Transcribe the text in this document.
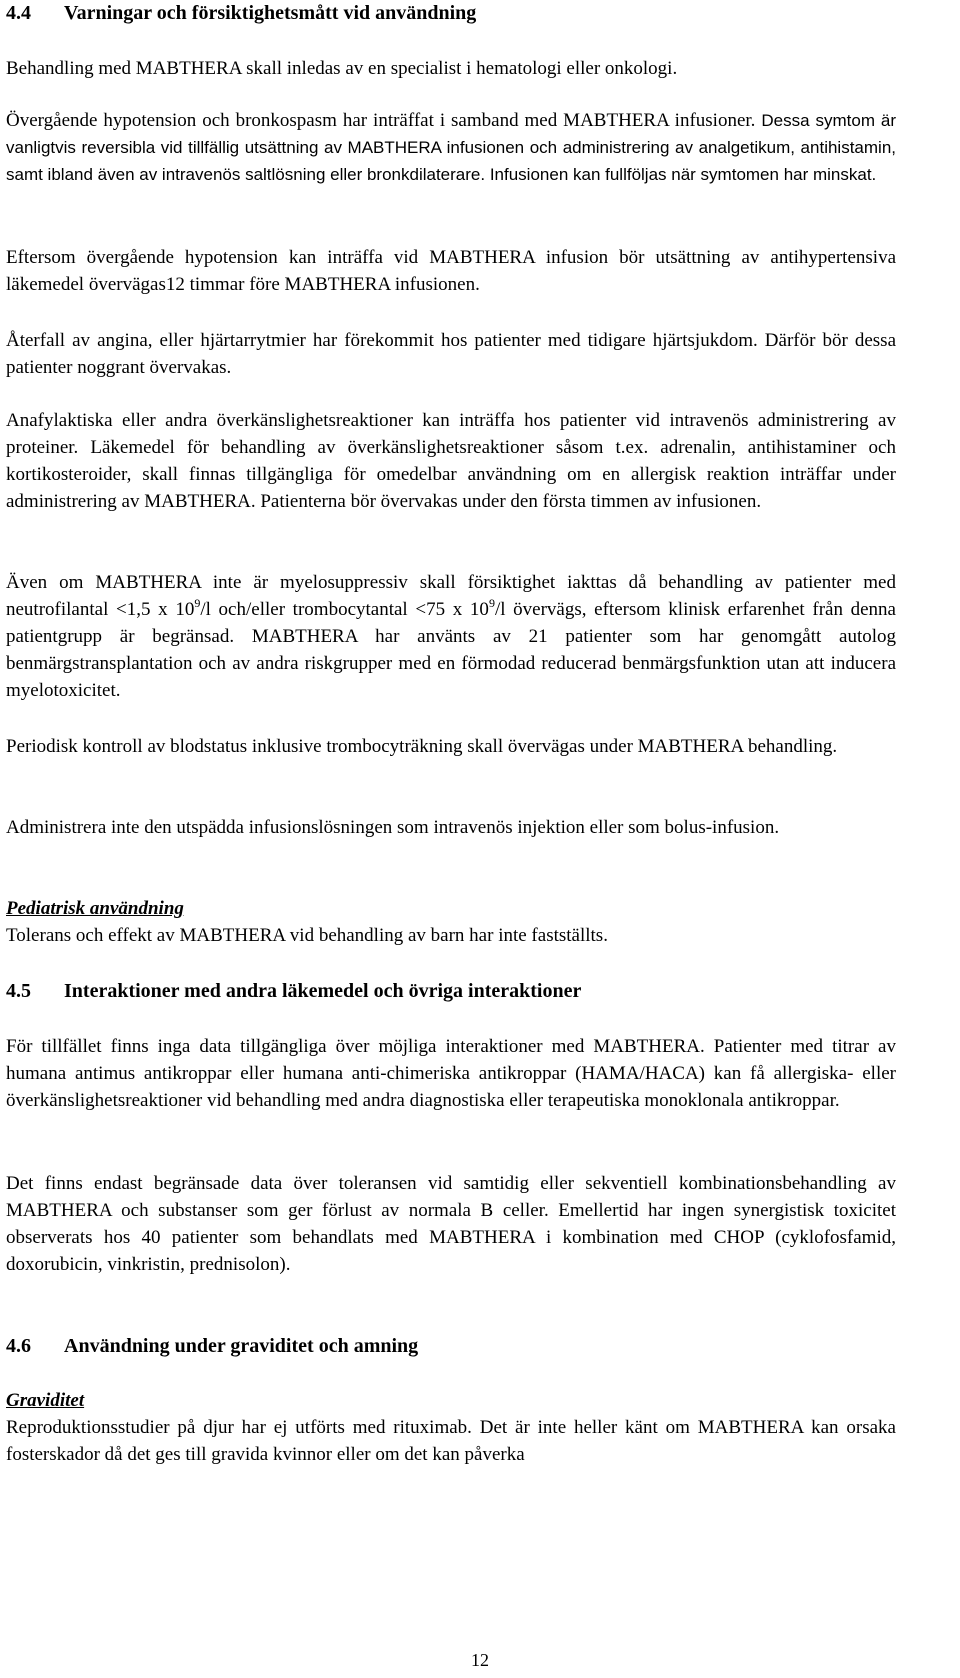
4.4	Varningar och försiktighetsmått vid användning

Behandling med MABTHERA skall inledas av en specialist i hematologi eller onkologi.

Övergående hypotension och bronkospasm har inträffat i samband med MABTHERA infusioner. Dessa symtom är vanligtvis reversibla vid tillfällig utsättning av MABTHERA infusionen och administrering av analgetikum, antihistamin, samt ibland även av intravenös saltlösning eller bronkdilaterare. Infusionen kan fullföljas när symtomen har minskat.

Eftersom övergående hypotension kan inträffa vid MABTHERA infusion bör utsättning av antihypertensiva läkemedel övervägas12 timmar före MABTHERA infusionen.

Återfall av angina, eller hjärtarrytmier har förekommit hos patienter med tidigare hjärtsjukdom. Därför bör dessa patienter noggrant övervakas.

Anafylaktiska eller andra överkänslighetsreaktioner kan inträffa hos patienter vid intravenös administrering av proteiner. Läkemedel för behandling av överkänslighetsreaktioner såsom t.ex. adrenalin, antihistaminer och kortikosteroider, skall finnas tillgängliga för omedelbar användning om en allergisk reaktion inträffar under administrering av MABTHERA. Patienterna bör övervakas under den första timmen av infusionen.

Även om MABTHERA inte är myelosuppressiv skall försiktighet iakttas då behandling av patienter med neutrofilantal <1,5 x $10^9/l$ och/eller trombocytantal <75 x $10^9/l$ övervägs, eftersom klinisk erfarenhet från denna patientgrupp är begränsad. MABTHERA har använts av 21 patienter som har genomgått autolog benmärgstransplantation och av andra riskgrupper med en förmodad reducerad benmärgsfunktion utan att inducera myelotoxicitet.

Periodisk kontroll av blodstatus inklusive trombocyträkning skall övervägas under MABTHERA behandling.

Administrera inte den utspädda infusionslösningen som intravenös injektion eller som bolus-infusion.

Pediatrisk användning

Tolerans och effekt av MABTHERA vid behandling av barn har inte fastställts.

4.5	Interaktioner med andra läkemedel och övriga interaktioner

För tillfället finns inga data tillgängliga över möjliga interaktioner med MABTHERA. Patienter med titrar av humana antimus antikroppar eller humana anti-chimeriska antikroppar (HAMA/HACA) kan få allergiska- eller överkänslighetsreaktioner vid behandling med andra diagnostiska eller terapeutiska monoklonala antikroppar.

Det finns endast begränsade data över toleransen vid samtidig eller sekventiell kombinationsbehandling av MABTHERA och substanser som ger förlust av normala B celler. Emellertid har ingen synergistisk toxicitet observerats hos 40 patienter som behandlats med MABTHERA i kombination med CHOP (cyklofosfamid, doxorubicin, vinkristin, prednisolon).

4.6	Användning under graviditet och amning
Graviditet

Reproduktionsstudier på djur har ej utförts med rituximab. Det är inte heller känt om MABTHERA kan orsaka fosterskador då det ges till gravida kvinnor eller om det kan påverka

12
